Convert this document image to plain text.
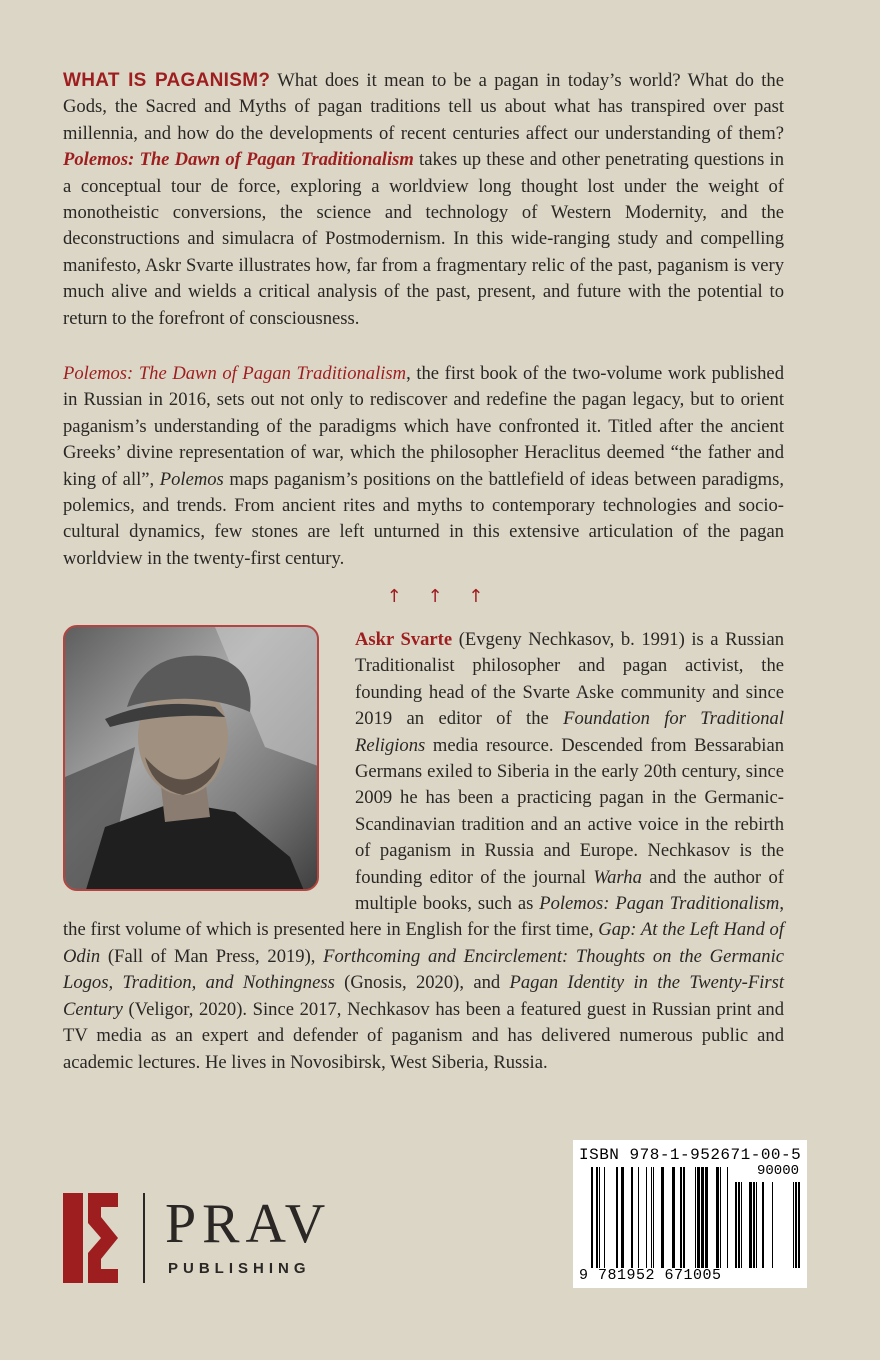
WHAT IS PAGANISM? What does it mean to be a pagan in today’s world? What do the Gods, the Sacred and Myths of pagan traditions tell us about what has transpired over past millennia, and how do the developments of recent centuries affect our understanding of them? Polemos: The Dawn of Pagan Traditionalism takes up these and other penetrating questions in a conceptual tour de force, exploring a worldview long thought lost under the weight of monotheistic conversions, the science and technology of Western Modernity, and the deconstructions and simulacra of Postmodernism. In this wide-ranging study and compelling manifesto, Askr Svarte illustrates how, far from a fragmentary relic of the past, paganism is very much alive and wields a critical analysis of the past, present, and future with the potential to return to the forefront of consciousness.
Polemos: The Dawn of Pagan Traditionalism, the first book of the two-volume work published in Russian in 2016, sets out not only to rediscover and redefine the pagan legacy, but to orient paganism’s understanding of the paradigms which have confronted it. Titled after the ancient Greeks’ divine representation of war, which the philosopher Heraclitus deemed “the father and king of all”, Polemos maps paganism’s positions on the battlefield of ideas between paradigms, polemics, and trends. From ancient rites and myths to contemporary technologies and socio-cultural dynamics, few stones are left unturned in this extensive articulation of the pagan worldview in the twenty-first century.
↑ ↑ ↑
Askr Svarte (Evgeny Nechkasov, b. 1991) is a Russian Traditionalist philosopher and pagan activist, the founding head of the Svarte Aske community and since 2019 an editor of the Foundation for Traditional Religions media resource. Descended from Bessarabian Germans exiled to Siberia in the early 20th century, since 2009 he has been a practicing pagan in the Germanic-Scandinavian tradition and an active voice in the rebirth of paganism in Russia and Europe. Nechkasov is the founding editor of the journal Warha and the author of multiple books, such as Polemos: Pagan Traditionalism, the first volume of which is presented here in English for the first time, Gap: At the Left Hand of Odin (Fall of Man Press, 2019), Forthcoming and Encirclement: Thoughts on the Germanic Logos, Tradition, and Nothingness (Gnosis, 2020), and Pagan Identity in the Twenty-First Century (Veligor, 2020). Since 2017, Nechkasov has been a featured guest in Russian print and TV media as an expert and defender of paganism and has delivered numerous public and academic lectures. He lives in Novosibirsk, West Siberia, Russia.
PRAV
PUBLISHING
ISBN 978-1-952671-00-5
90000
9 781952 671005
